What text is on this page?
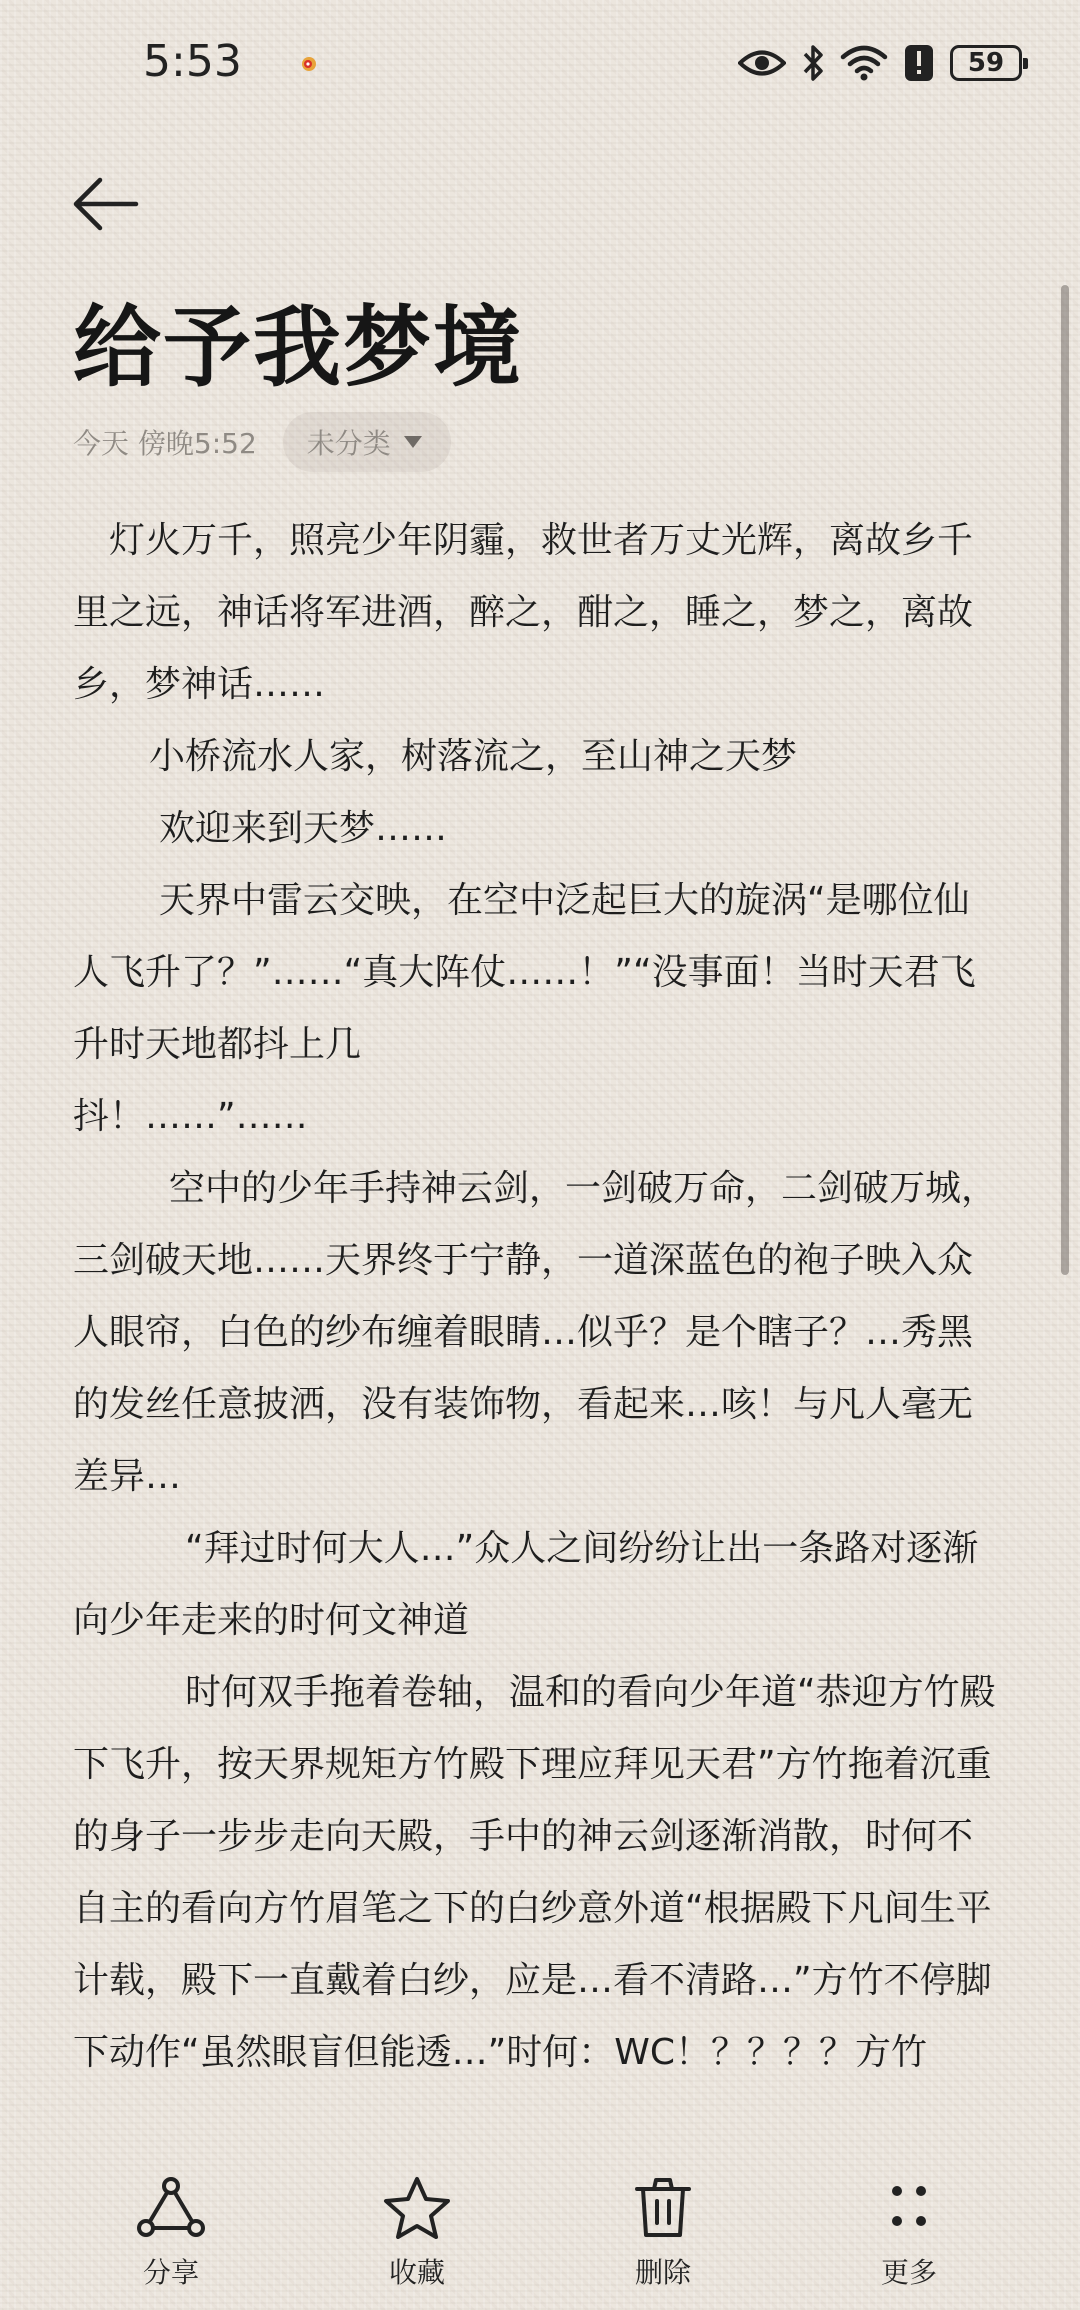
5:53	59
给予我梦境
今天 傍晚5:52 未分类

灯火万千，照亮少年阴霾，救世者万丈光辉，离故乡千里之远，神话将军进酒，醉之，酣之，睡之，梦之，离故乡，梦神话……

小桥流水人家，树落流之，至山神之天梦

欢迎来到天梦……

天界中雷云交映，在空中泛起巨大的旋涡“是哪位仙人飞升了？”……“真大阵仗……！”“没事面！当时天君飞升时天地都抖上几

抖！……”……

空中的少年手持神云剑，一剑破万命，二剑破万城，三剑破天地……天界终于宁静，一道深蓝色的袍子映入众人眼帘，白色的纱布缠着眼睛…似乎？是个瞎子？…秀黑的发丝任意披洒，没有装饰物，看起来…咳！与凡人毫无差异…

“拜过时何大人…”众人之间纷纷让出一条路对逐渐向少年走来的时何文神道

时何双手拖着卷轴，温和的看向少年道“恭迎方竹殿下飞升，按天界规矩方竹殿下理应拜见天君”方竹拖着沉重的身子一步步走向天殿，手中的神云剑逐渐消散，时何不自主的看向方竹眉笔之下的白纱意外道“根据殿下凡间生平计载，殿下一直戴着白纱，应是…看不清路…”方竹不停脚下动作“虽然眼盲但能透…”时何：WC！？？？？方竹

分享	收藏	删除	更多
